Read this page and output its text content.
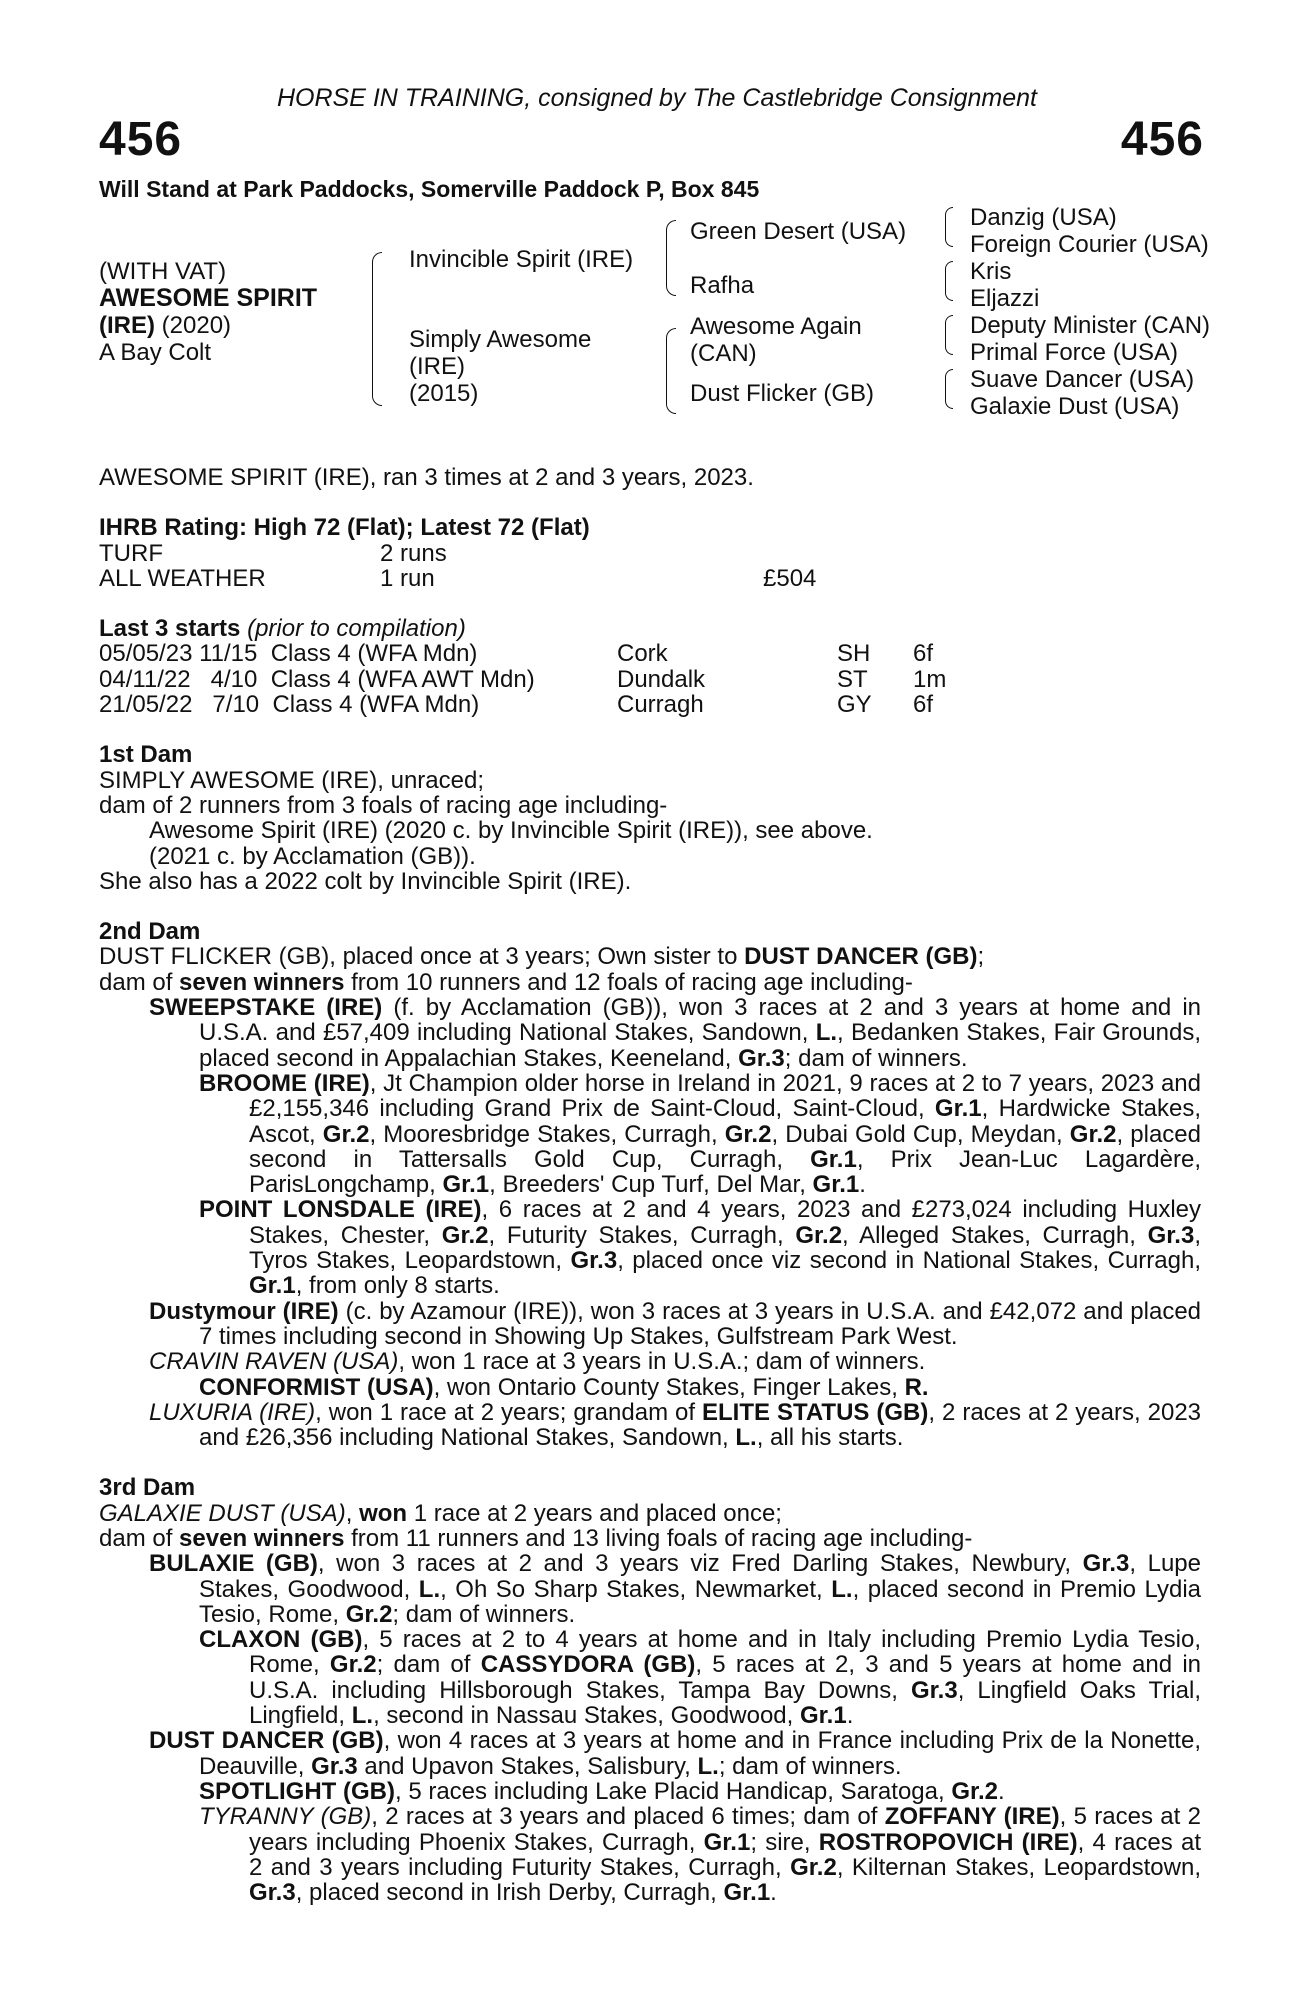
HORSE IN TRAINING, consigned by The Castlebridge Consignment
456	456
Will Stand at Park Paddocks, Somerville Paddock P, Box 845
(WITH VAT)
AWESOME SPIRIT
(IRE) (2020)
A Bay Colt
Invincible Spirit (IRE)
Simply Awesome
(IRE)
(2015)
Green Desert (USA)
Rafha
Awesome Again
(CAN)
Dust Flicker (GB)
Danzig (USA)
Foreign Courier (USA)
Kris
Eljazzi
Deputy Minister (CAN)
Primal Force (USA)
Suave Dancer (USA)
Galaxie Dust (USA)

AWESOME SPIRIT (IRE), ran 3 times at 2 and 3 years, 2023.

IHRB Rating: High 72 (Flat); Latest 72 (Flat)

TURF	2 runs
ALL WEATHER	1 run	£504

Last 3 starts (prior to compilation)

05/05/23 11/15  Class 4 (WFA Mdn)	Cork	SH	6f
04/11/22   4/10  Class 4 (WFA AWT Mdn)	Dundalk	ST	1m
21/05/22   7/10  Class 4 (WFA Mdn)	Curragh	GY	6f

1st Dam

SIMPLY AWESOME (IRE), unraced;

dam of 2 runners from 3 foals of racing age including-

Awesome Spirit (IRE) (2020 c. by Invincible Spirit (IRE)), see above.

(2021 c. by Acclamation (GB)).

She also has a 2022 colt by Invincible Spirit (IRE).

2nd Dam

DUST FLICKER (GB), placed once at 3 years; Own sister to DUST DANCER (GB);

dam of seven winners from 10 runners and 12 foals of racing age including-

SWEEPSTAKE (IRE) (f. by Acclamation (GB)), won 3 races at 2 and 3 years at home and in U.S.A. and £57,409 including National Stakes, Sandown, L., Bedanken Stakes, Fair Grounds, placed second in Appalachian Stakes, Keeneland, Gr.3; dam of winners.

BROOME (IRE), Jt Champion older horse in Ireland in 2021, 9 races at 2 to 7 years, 2023 and £2,155,346 including Grand Prix de Saint-Cloud, Saint-Cloud, Gr.1, Hardwicke Stakes, Ascot, Gr.2, Mooresbridge Stakes, Curragh, Gr.2, Dubai Gold Cup, Meydan, Gr.2, placed second in Tattersalls Gold Cup, Curragh, Gr.1, Prix Jean-Luc Lagardère, ParisLongchamp, Gr.1, Breeders' Cup Turf, Del Mar, Gr.1.

POINT LONSDALE (IRE), 6 races at 2 and 4 years, 2023 and £273,024 including Huxley Stakes, Chester, Gr.2, Futurity Stakes, Curragh, Gr.2, Alleged Stakes, Curragh, Gr.3, Tyros Stakes, Leopardstown, Gr.3, placed once viz second in National Stakes, Curragh, Gr.1, from only 8 starts.

Dustymour (IRE) (c. by Azamour (IRE)), won 3 races at 3 years in U.S.A. and £42,072 and placed 7 times including second in Showing Up Stakes, Gulfstream Park West.

CRAVIN RAVEN (USA), won 1 race at 3 years in U.S.A.; dam of winners.

CONFORMIST (USA), won Ontario County Stakes, Finger Lakes, R.

LUXURIA (IRE), won 1 race at 2 years; grandam of ELITE STATUS (GB), 2 races at 2 years, 2023 and £26,356 including National Stakes, Sandown, L., all his starts.

3rd Dam

GALAXIE DUST (USA), won 1 race at 2 years and placed once;

dam of seven winners from 11 runners and 13 living foals of racing age including-

BULAXIE (GB), won 3 races at 2 and 3 years viz Fred Darling Stakes, Newbury, Gr.3, Lupe Stakes, Goodwood, L., Oh So Sharp Stakes, Newmarket, L., placed second in Premio Lydia Tesio, Rome, Gr.2; dam of winners.

CLAXON (GB), 5 races at 2 to 4 years at home and in Italy including Premio Lydia Tesio, Rome, Gr.2; dam of CASSYDORA (GB), 5 races at 2, 3 and 5 years at home and in U.S.A. including Hillsborough Stakes, Tampa Bay Downs, Gr.3, Lingfield Oaks Trial, Lingfield, L., second in Nassau Stakes, Goodwood, Gr.1.

DUST DANCER (GB), won 4 races at 3 years at home and in France including Prix de la Nonette, Deauville, Gr.3 and Upavon Stakes, Salisbury, L.; dam of winners.

SPOTLIGHT (GB), 5 races including Lake Placid Handicap, Saratoga, Gr.2.

TYRANNY (GB), 2 races at 3 years and placed 6 times; dam of ZOFFANY (IRE), 5 races at 2 years including Phoenix Stakes, Curragh, Gr.1; sire, ROSTROPOVICH (IRE), 4 races at 2 and 3 years including Futurity Stakes, Curragh, Gr.2, Kilternan Stakes, Leopardstown, Gr.3, placed second in Irish Derby, Curragh, Gr.1.
